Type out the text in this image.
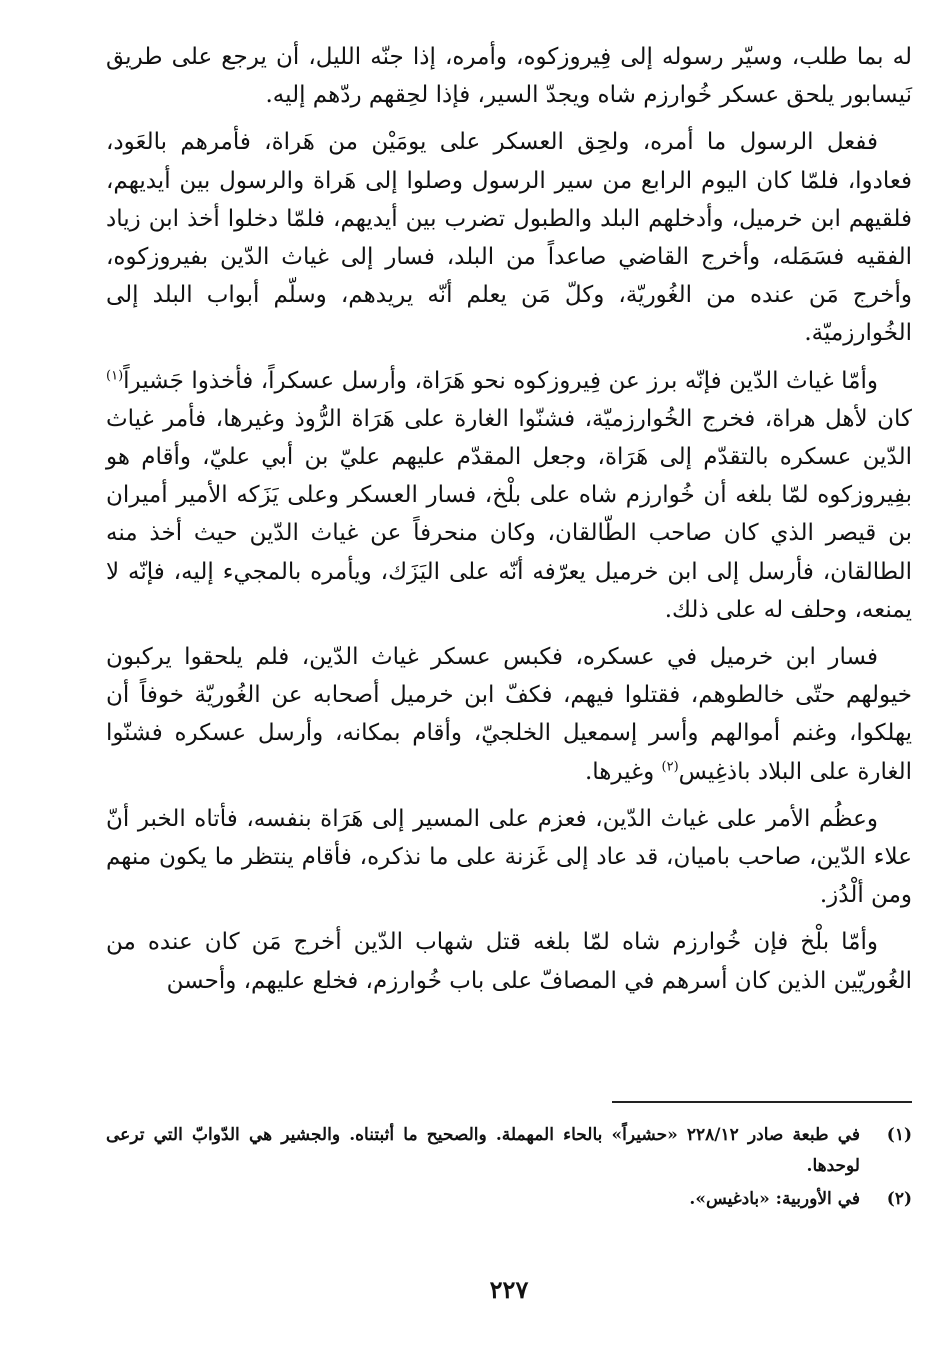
له بما طلب، وسيّر رسوله إلى فِيروزكوه، وأمره، إذا جنّه الليل، أن يرجع على طريق نَيسابور يلحق عسكر خُوارزم شاه ويجدّ السير، فإذا لحِقهم ردّهم إليه.

ففعل الرسول ما أمره، ولحِق العسكر على يومَيْن من هَراة، فأمرهم بالعَود، فعادوا، فلمّا كان اليوم الرابع من سير الرسول وصلوا إلى هَراة والرسول بين أيديهم، فلقيهم ابن خرميل، وأدخلهم البلد والطبول تضرب بين أيديهم، فلمّا دخلوا أخذ ابن زياد الفقيه فسَمَله، وأخرج القاضي صاعداً من البلد، فسار إلى غياث الدّين بفيروزكوه، وأخرج مَن عنده من الغُوريّة، وكلّ مَن يعلم أنّه يريدهم، وسلّم أبواب البلد إلى الخُوارزميّة.

وأمّا غياث الدّين فإنّه برز عن فِيروزكوه نحو هَرَاة، وأرسل عسكراً، فأخذوا جَشيراً$^{(١)}$ كان لأهل هراة، فخرج الخُوارزميّة، فشنّوا الغارة على هَرَاة الرُّوذ وغيرها، فأمر غياث الدّين عسكره بالتقدّم إلى هَرَاة، وجعل المقدّم عليهم عليّ بن أبي عليّ، وأقام هو بفِيروزكوه لمّا بلغه أن خُوارزم شاه على بلْخ، فسار العسكر وعلى يَزَكه الأمير أميران بن قيصر الذي كان صاحب الطّالقان، وكان منحرفاً عن غياث الدّين حيث أخذ منه الطالقان، فأرسل إلى ابن خرميل يعرّفه أنّه على اليَزَك، ويأمره بالمجيء إليه، فإنّه لا يمنعه، وحلف له على ذلك.

فسار ابن خرميل في عسكره، فكبس عسكر غياث الدّين، فلم يلحقوا يركبون خيولهم حتّى خالطوهم، فقتلوا فيهم، فكفّ ابن خرميل أصحابه عن الغُوريّة خوفاً أن يهلكوا، وغنم أموالهم وأسر إسمعيل الخلجيّ، وأقام بمكانه، وأرسل عسكره فشنّوا الغارة على البلاد باذغِيس$^{(٢)}$ وغيرها.

وعظُم الأمر على غياث الدّين، فعزم على المسير إلى هَرَاة بنفسه، فأتاه الخبر أنّ علاء الدّين، صاحب باميان، قد عاد إلى غَزنة على ما نذكره، فأقام ينتظر ما يكون منهم ومن ألْدُز.

وأمّا بلْخ فإن خُوارزم شاه لمّا بلغه قتل شهاب الدّين أخرج مَن كان عنده من الغُوريّين الذين كان أسرهم في المصافّ على باب خُوارزم، فخلع عليهم، وأحسن

(١)
في طبعة صادر ٢٢٨/١٢ «حشيراً» بالحاء المهملة. والصحيح ما أثبتناه. والجشير هي الدّوابّ التي ترعى لوحدها.
(٢)
في الأوربية: «بادغيس».
٢٢٧
